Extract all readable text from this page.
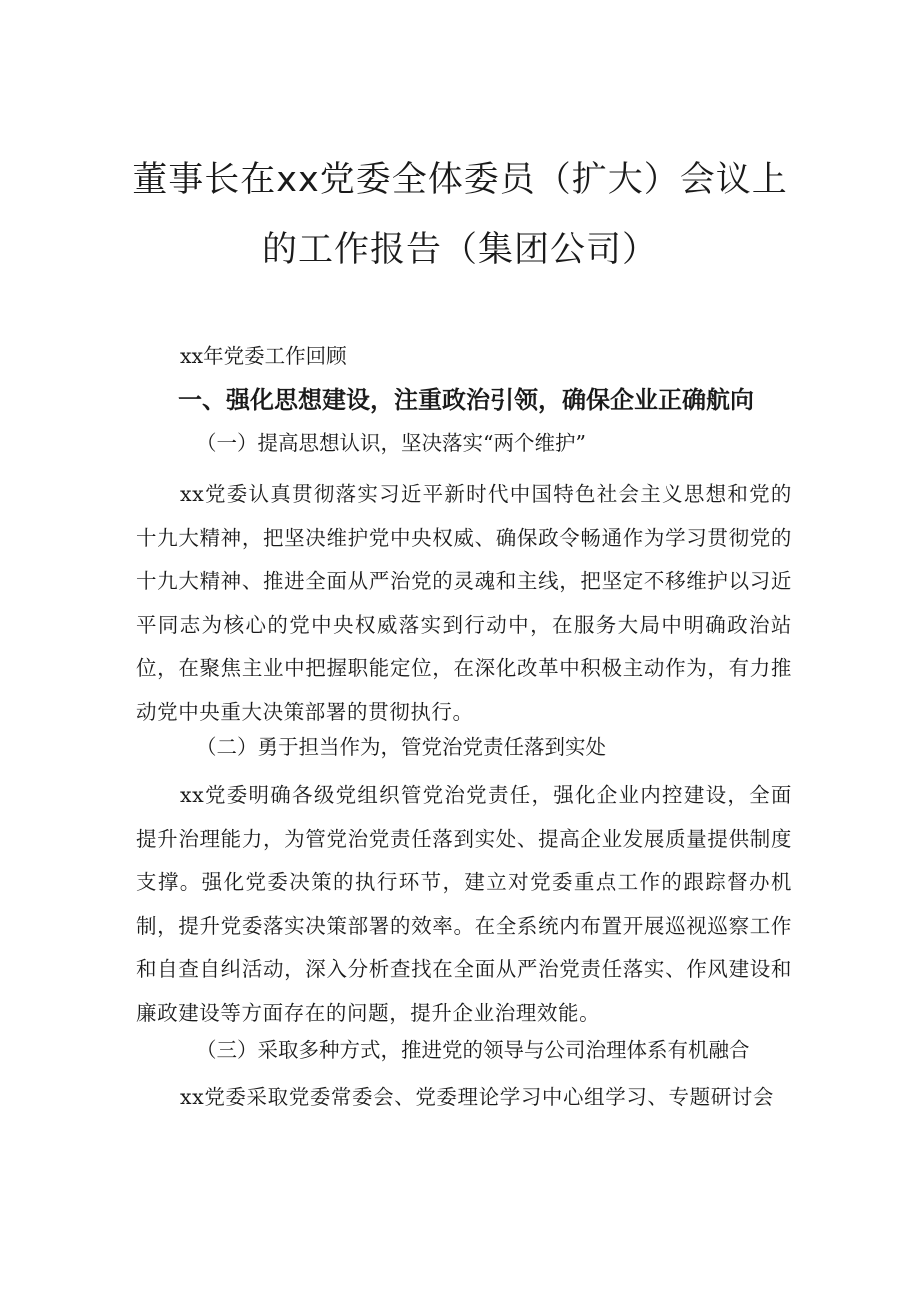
董事长在xx党委全体委员（扩大）会议上
的工作报告（集团公司）

xx年党委工作回顾

一、强化思想建设，注重政治引领，确保企业正确航向

（一）提高思想认识，坚决落实“两个维护”

xx党委认真贯彻落实习近平新时代中国特色社会主义思想和党的十九大精神，把坚决维护党中央权威、确保政令畅通作为学习贯彻党的十九大精神、推进全面从严治党的灵魂和主线，把坚定不移维护以习近平同志为核心的党中央权威落实到行动中，在服务大局中明确政治站位，在聚焦主业中把握职能定位，在深化改革中积极主动作为，有力推动党中央重大决策部署的贯彻执行。

（二）勇于担当作为，管党治党责任落到实处

xx党委明确各级党组织管党治党责任，强化企业内控建设，全面提升治理能力，为管党治党责任落到实处、提高企业发展质量提供制度支撑。强化党委决策的执行环节，建立对党委重点工作的跟踪督办机制，提升党委落实决策部署的效率。在全系统内布置开展巡视巡察工作和自查自纠活动，深入分析查找在全面从严治党责任落实、作风建设和廉政建设等方面存在的问题，提升企业治理效能。

（三）采取多种方式，推进党的领导与公司治理体系有机融合

xx党委采取党委常委会、党委理论学习中心组学习、专题研讨会
